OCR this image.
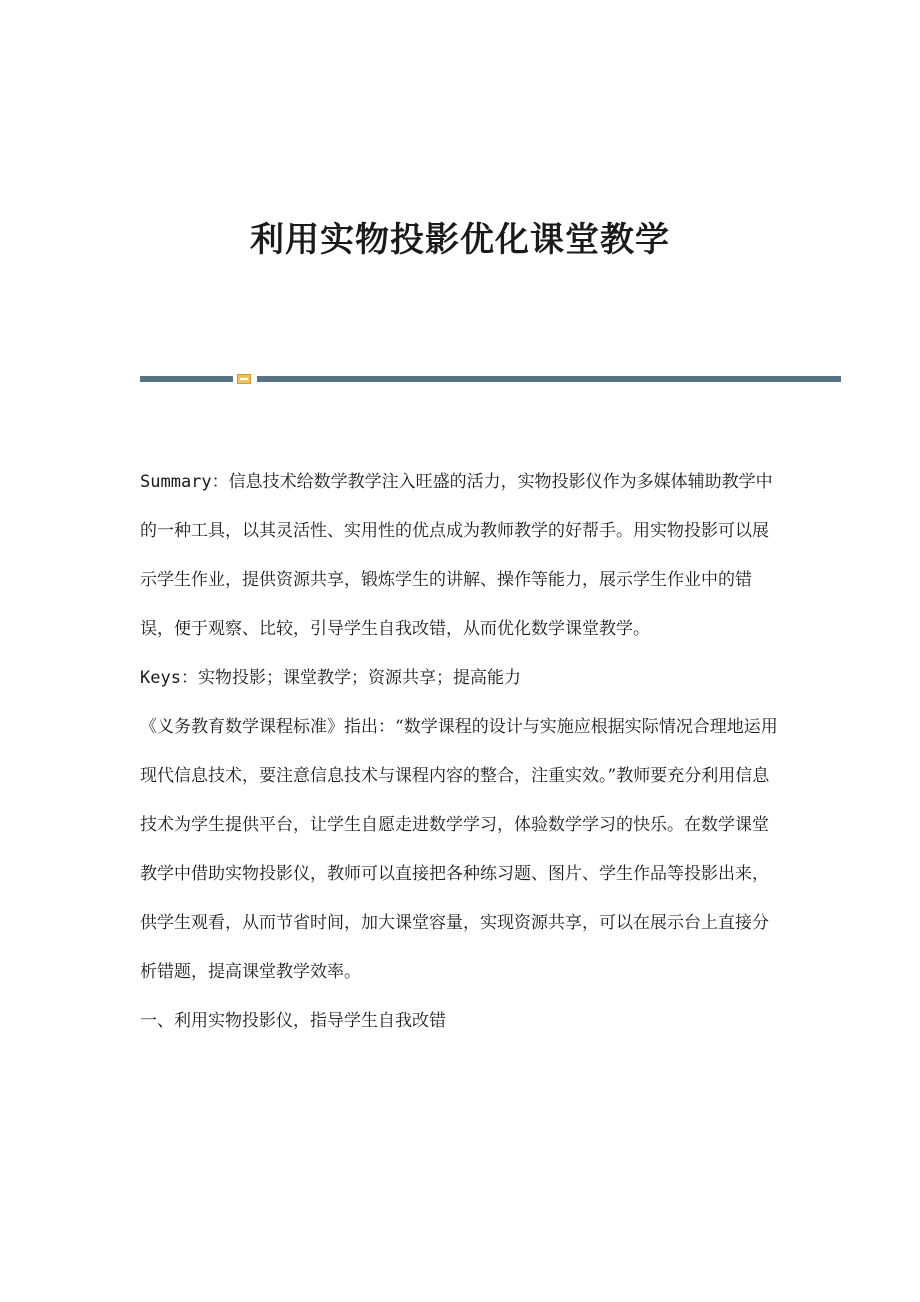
利用实物投影优化课堂教学

Summary：信息技术给数学教学注入旺盛的活力，实物投影仪作为多媒体辅助教学中的一种工具，以其灵活性、实用性的优点成为教师教学的好帮手。用实物投影可以展示学生作业，提供资源共享，锻炼学生的讲解、操作等能力，展示学生作业中的错误，便于观察、比较，引导学生自我改错，从而优化数学课堂教学。

Keys：实物投影；课堂教学；资源共享；提高能力

《义务教育数学课程标准》指出：“数学课程的设计与实施应根据实际情况合理地运用现代信息技术，要注意信息技术与课程内容的整合，注重实效。”教师要充分利用信息技术为学生提供平台，让学生自愿走进数学学习，体验数学学习的快乐。在数学课堂教学中借助实物投影仪，教师可以直接把各种练习题、图片、学生作品等投影出来，供学生观看，从而节省时间，加大课堂容量，实现资源共享，可以在展示台上直接分析错题，提高课堂教学效率。

一、利用实物投影仪，指导学生自我改错
